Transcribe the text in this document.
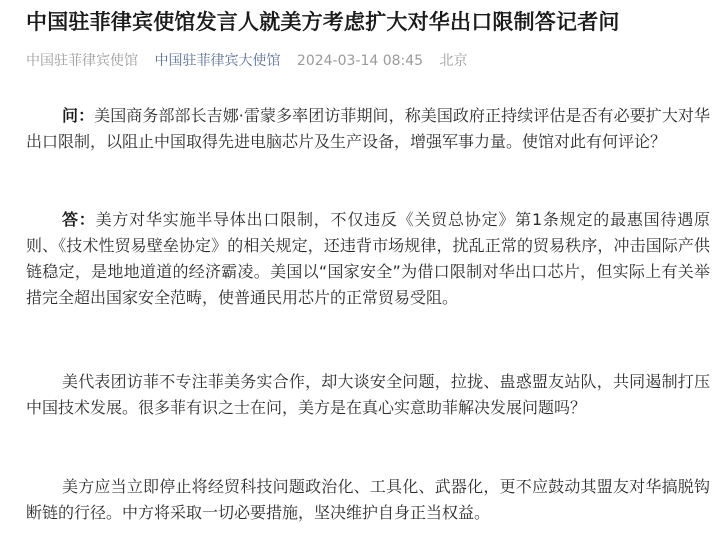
中国驻菲律宾使馆发言人就美方考虑扩大对华出口限制答记者问
中国驻菲律宾使馆 中国驻菲律宾大使馆 2024-03-14 08:45 北京

问：美国商务部部长吉娜·雷蒙多率团访菲期间，称美国政府正持续评估是否有必要扩大对华出口限制，以阻止中国取得先进电脑芯片及生产设备，增强军事力量。使馆对此有何评论？

答：美方对华实施半导体出口限制，不仅违反《关贸总协定》第1条规定的最惠国待遇原则、《技术性贸易壁垒协定》的相关规定，还违背市场规律，扰乱正常的贸易秩序，冲击国际产供链稳定，是地地道道的经济霸凌。美国以“国家安全”为借口限制对华出口芯片，但实际上有关举措完全超出国家安全范畴，使普通民用芯片的正常贸易受阻。

美代表团访菲不专注菲美务实合作，却大谈安全问题，拉拢、蛊惑盟友站队，共同遏制打压中国技术发展。很多菲有识之士在问，美方是在真心实意助菲解决发展问题吗？

美方应当立即停止将经贸科技问题政治化、工具化、武器化，更不应鼓动其盟友对华搞脱钩断链的行径。中方将采取一切必要措施，坚决维护自身正当权益。
